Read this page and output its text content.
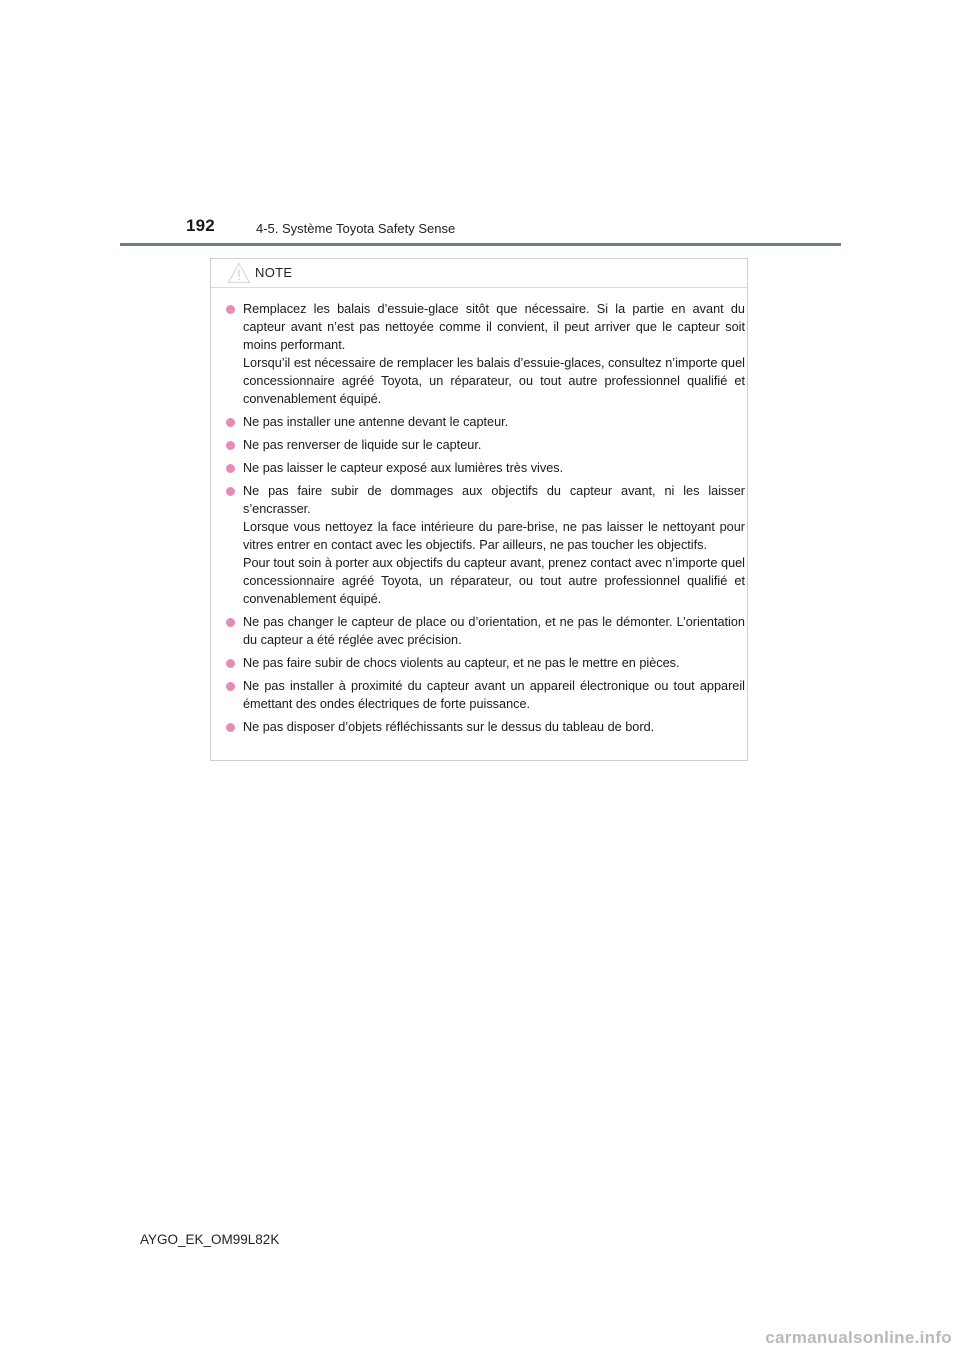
192	4-5. Système Toyota Safety Sense
NOTE
Remplacez les balais d’essuie-glace sitôt que nécessaire. Si la partie en avant du capteur avant n’est pas nettoyée comme il convient, il peut arriver que le capteur soit moins performant.
Lorsqu’il est nécessaire de remplacer les balais d’essuie-glaces, consultez n’importe quel concessionnaire agréé Toyota, un réparateur, ou tout autre professionnel qualifié et convenablement équipé.
Ne pas installer une antenne devant le capteur.
Ne pas renverser de liquide sur le capteur.
Ne pas laisser le capteur exposé aux lumières très vives.
Ne pas faire subir de dommages aux objectifs du capteur avant, ni les laisser s’encrasser.
Lorsque vous nettoyez la face intérieure du pare-brise, ne pas laisser le nettoyant pour vitres entrer en contact avec les objectifs. Par ailleurs, ne pas toucher les objectifs.
Pour tout soin à porter aux objectifs du capteur avant, prenez contact avec n’importe quel concessionnaire agréé Toyota, un réparateur, ou tout autre professionnel qualifié et convenablement équipé.
Ne pas changer le capteur de place ou d’orientation, et ne pas le démonter. L’orientation du capteur a été réglée avec précision.
Ne pas faire subir de chocs violents au capteur, et ne pas le mettre en pièces.
Ne pas installer à proximité du capteur avant un appareil électronique ou tout appareil émettant des ondes électriques de forte puissance.
Ne pas disposer d’objets réfléchissants sur le dessus du tableau de bord.
AYGO_EK_OM99L82K
carmanualsonline.info
